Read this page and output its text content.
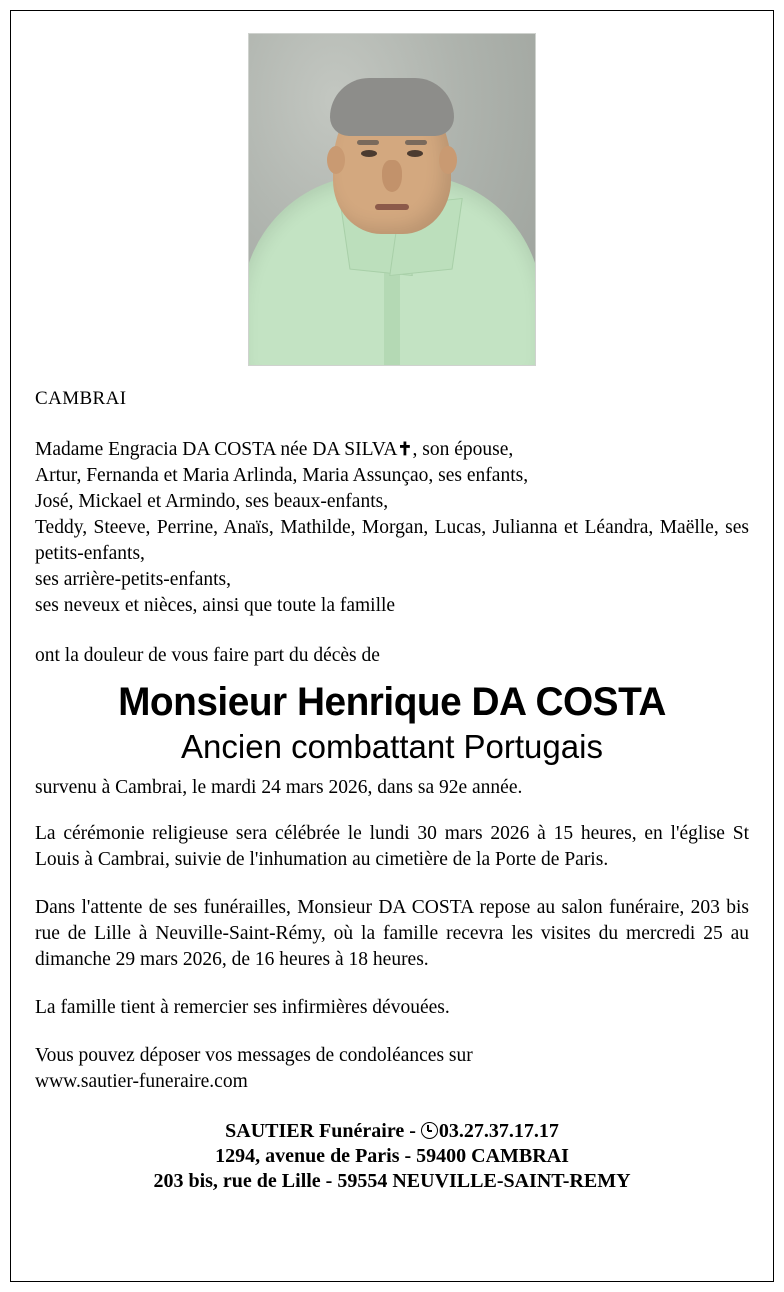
CAMBRAI
Madame Engracia DA COSTA née DA SILVA✝, son épouse,
Artur, Fernanda et Maria Arlinda, Maria Assunçao, ses enfants,
José, Mickael et Armindo, ses beaux-enfants,
Teddy, Steeve, Perrine, Anaïs, Mathilde, Morgan, Lucas, Julianna et Léandra, Maëlle, ses petits-enfants,
ses arrière-petits-enfants,
ses neveux et nièces, ainsi que toute la famille
ont la douleur de vous faire part du décès de
Monsieur Henrique DA COSTA
Ancien combattant Portugais
survenu à Cambrai, le mardi 24 mars 2026, dans sa 92e année.
La cérémonie religieuse sera célébrée le lundi 30 mars 2026 à 15 heures, en l'église St Louis à Cambrai, suivie de l'inhumation au cimetière de la Porte de Paris.
Dans l'attente de ses funérailles, Monsieur DA COSTA repose au salon funéraire, 203 bis rue de Lille à Neuville-Saint-Rémy, où la famille recevra les visites du mercredi 25 au dimanche 29 mars 2026, de 16 heures à 18 heures.
La famille tient à remercier ses infirmières dévouées.
Vous pouvez déposer vos messages de condoléances sur
www.sautier-funeraire.com
SAUTIER Funéraire - 03.27.37.17.17
1294, avenue de Paris - 59400 CAMBRAI
203 bis, rue de Lille - 59554 NEUVILLE-SAINT-REMY
